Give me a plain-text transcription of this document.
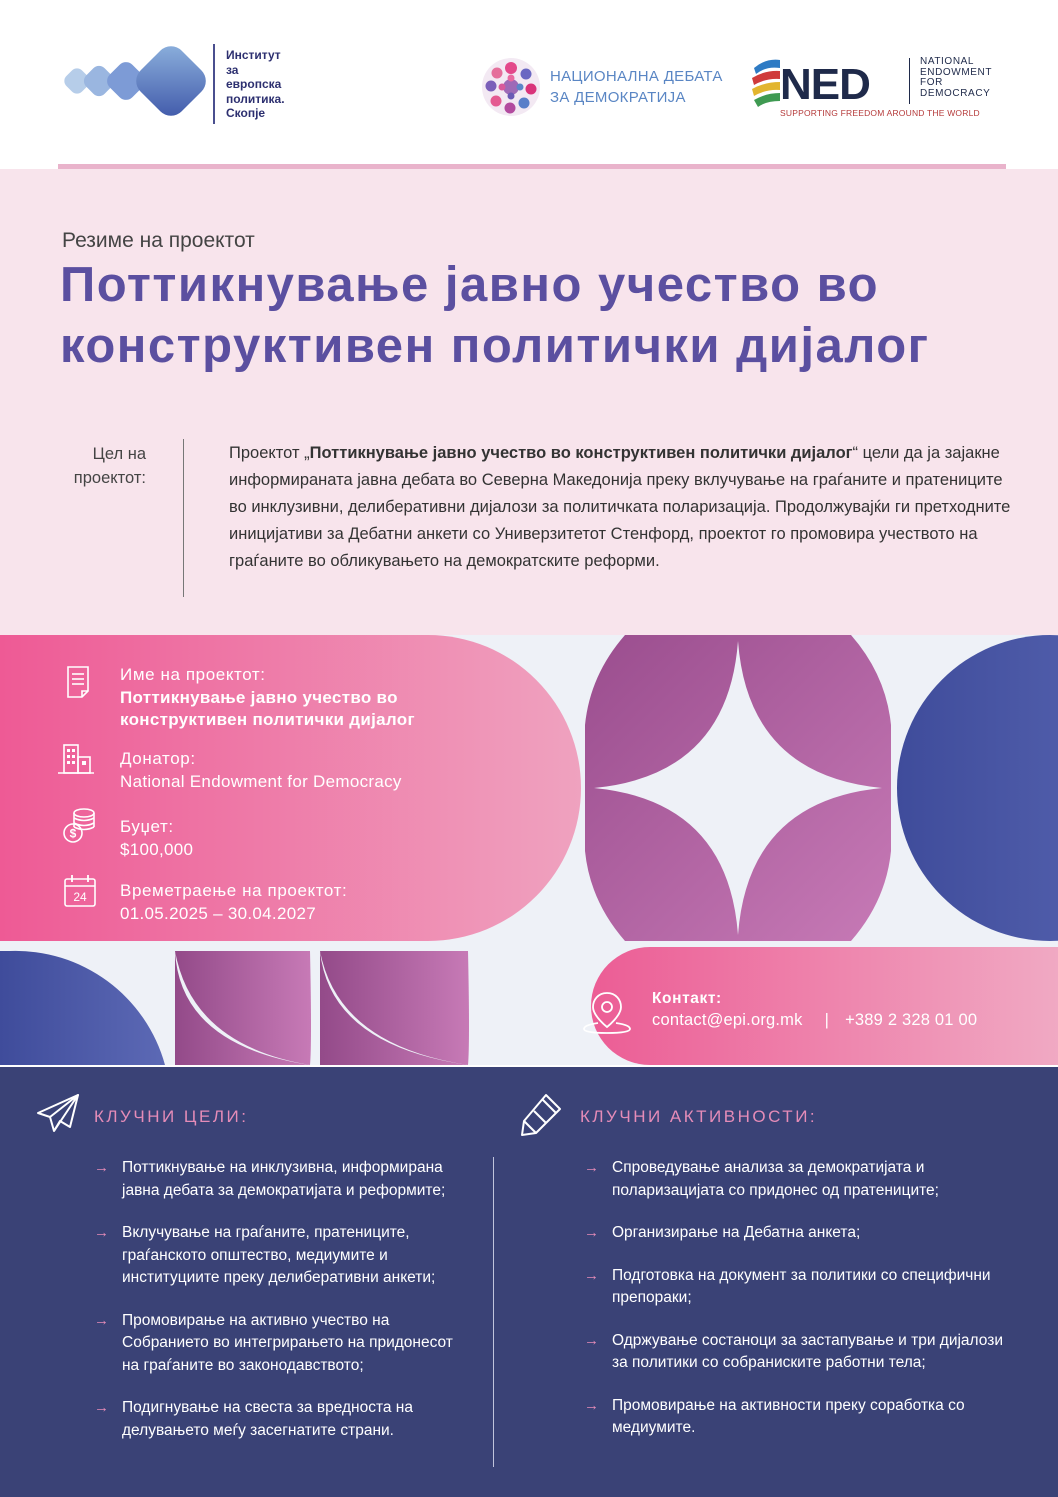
Институт
за
европска
политика.
Скопје
НАЦИОНАЛНА ДЕБАТА
ЗА ДЕМОКРАТИЈА	NED	NATIONAL
ENDOWMENT
FOR
DEMOCRACY
SUPPORTING FREEDOM AROUND THE WORLD
Резиме на проектот
Поттикнување јавно учество во
конструктивен политички дијалог
Цел на
проектот:

Проектот „Поттикнување јавно учество во конструктивен политички дијалог“ цели да ја зајакне информираната јавна дебата во Северна Македонија преку вклучување на граѓаните и пратениците во инклузивни, делиберативни дијалози за политичката поларизација. Продолжувајќи ги претходните иницијативи за Дебатни анкети со Универзитетот Стенфорд, проектот го промовира учеството на граѓаните во обликувањето на демократските реформи.

Име на проектот:
Поттикнување јавно учество во
конструктивен политички дијалог
Донатор:
National Endowment for Democracy
$	Буџет:
$100,000
24 Времетраење на проектот:
01.05.2025 – 30.04.2027
Контакт:
contact@epi.org.mk | +389 2 328 01 00
КЛУЧНИ ЦЕЛИ:
→ Поттикнување на инклузивна, информирана јавна дебата за демократијата и реформите;
→ Вклучување на граѓаните, пратениците, граѓанското општество, медиумите и институциите преку делиберативни анкети;
→ Промовирање на активно учество на Собранието во интегрирањето на придонесот на граѓаните во законодавството;
→ Подигнување на свеста за вредноста на делувањето меѓу засегнатите страни.
КЛУЧНИ АКТИВНОСТИ:
→ Спроведување анализа за демократијата и поларизацијата со придонес од пратениците;
→ Организирање на Дебатна анкета;
→ Подготовка на документ за политики со специфични препораки;
→ Одржување состаноци за застапување и три дијалози за политики со собраниските работни тела;
→ Промовирање на активности преку соработка со медиумите.
